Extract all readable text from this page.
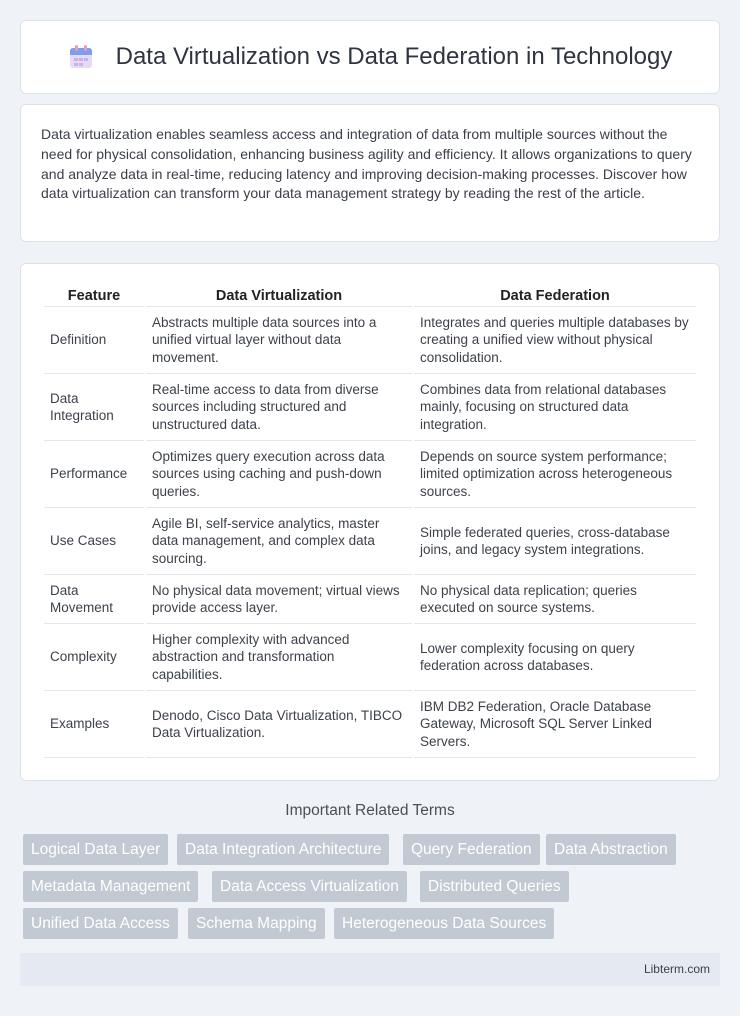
Data Virtualization vs Data Federation in Technology

Data virtualization enables seamless access and integration of data from multiple sources without the need for physical consolidation, enhancing business agility and efficiency. It allows organizations to query and analyze data in real-time, reducing latency and improving decision-making processes. Discover how data virtualization can transform your data management strategy by reading the rest of the article.

Feature	Data Virtualization	Data Federation
Definition	Abstracts multiple data sources into a unified virtual layer without data movement.	Integrates and queries multiple databases by creating a unified view without physical consolidation.
Data Integration	Real-time access to data from diverse sources including structured and unstructured data.	Combines data from relational databases mainly, focusing on structured data integration.
Performance	Optimizes query execution across data sources using caching and push-down queries.	Depends on source system performance; limited optimization across heterogeneous sources.
Use Cases	Agile BI, self-service analytics, master data management, and complex data sourcing.	Simple federated queries, cross-database joins, and legacy system integrations.
Data Movement	No physical data movement; virtual views provide access layer.	No physical data replication; queries executed on source systems.
Complexity	Higher complexity with advanced abstraction and transformation capabilities.	Lower complexity focusing on query federation across databases.
Examples	Denodo, Cisco Data Virtualization, TIBCO Data Virtualization.	IBM DB2 Federation, Oracle Database Gateway, Microsoft SQL Server Linked Servers.
Important Related Terms
Logical Data Layer	Data Integration Architecture	Query Federation	Data Abstraction
Metadata Management	Data Access Virtualization	Distributed Queries
Unified Data Access	Schema Mapping	Heterogeneous Data Sources
Libterm.com
